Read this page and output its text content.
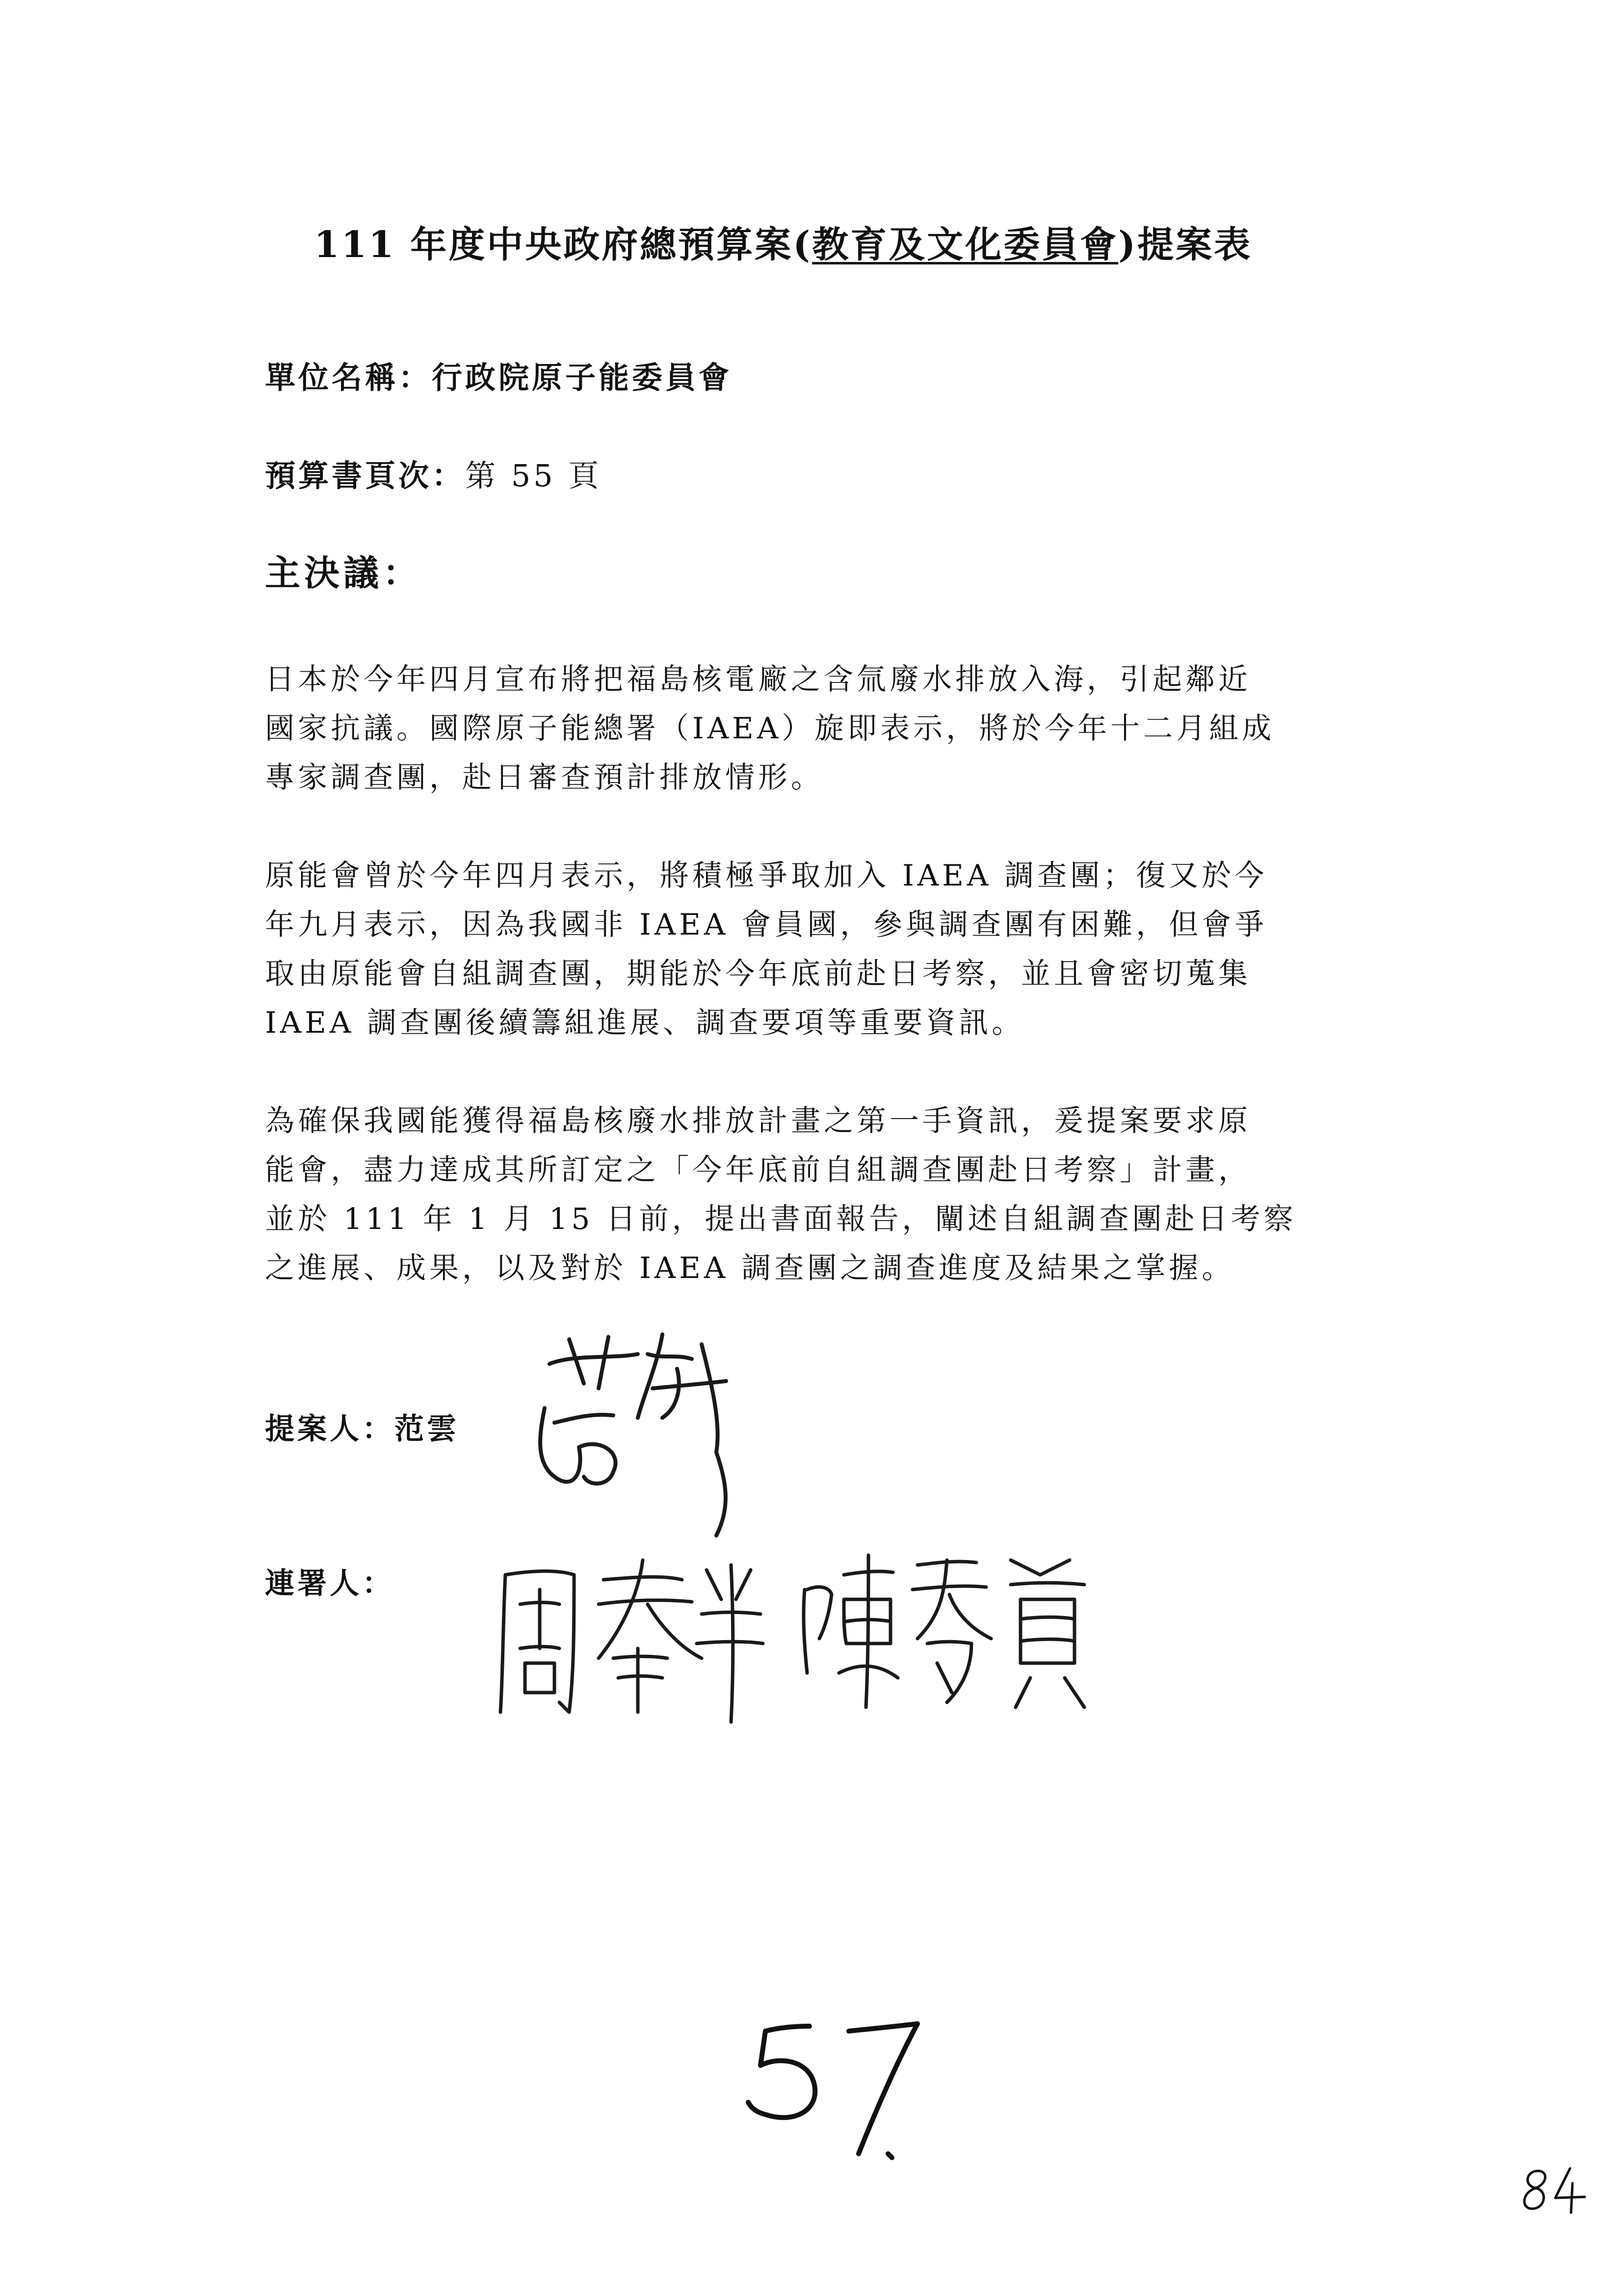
111 年度中央政府總預算案(教育及文化委員會)提案表
單位名稱：行政院原子能委員會
預算書頁次：第 55 頁
主決議：
日本於今年四月宣布將把福島核電廠之含氚廢水排放入海，引起鄰近
國家抗議。國際原子能總署（IAEA）旋即表示，將於今年十二月組成
專家調查團，赴日審查預計排放情形。
原能會曾於今年四月表示，將積極爭取加入 IAEA 調查團；復又於今
年九月表示，因為我國非 IAEA 會員國，參與調查團有困難，但會爭
取由原能會自組調查團，期能於今年底前赴日考察，並且會密切蒐集
IAEA 調查團後續籌組進展、調查要項等重要資訊。
為確保我國能獲得福島核廢水排放計畫之第一手資訊，爰提案要求原
能會，盡力達成其所訂定之「今年底前自組調查團赴日考察」計畫，
並於 111 年 1 月 15 日前，提出書面報告，闡述自組調查團赴日考察
之進展、成果，以及對於 IAEA 調查團之調查進度及結果之掌握。
提案人：范雲
連署人：
